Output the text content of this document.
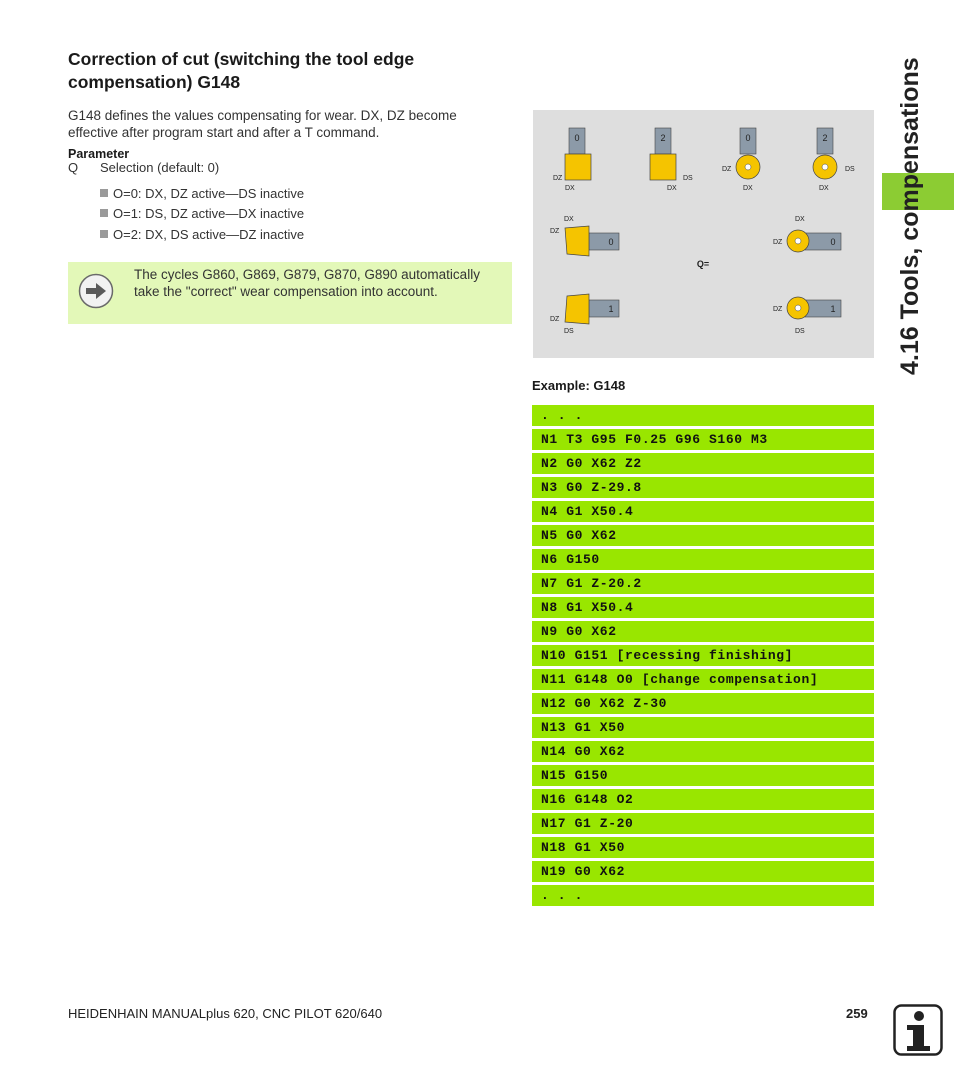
Correction of cut (switching the tool edge compensation) G148
G148 defines the values compensating for wear. DX, DZ become effective after program start and after a T command.
Parameter
Q Selection (default: 0)
O=0: DX, DZ active—DS inactive
O=1: DS, DZ active—DX inactive
O=2: DX, DS active—DZ inactive
The cycles G860, G869, G879, G870, G890 automatically take the "correct" wear compensation into account.
0
DZ
DX
2
DS
DX
0
DZ
DX
2
DS
DX
0
DX
DZ
0
DX
DZ
Q=
1
DZ
DS
1
DZ
DS
Example: G148
. . .
N1 T3 G95 F0.25 G96 S160 M3
N2 G0 X62 Z2
N3 G0 Z-29.8
N4 G1 X50.4
N5 G0 X62
N6 G150
N7 G1 Z-20.2
N8 G1 X50.4
N9 G0 X62
N10 G151 [recessing finishing]
N11 G148 O0 [change compensation]
N12 G0 X62 Z-30
N13 G1 X50
N14 G0 X62
N15 G150
N16 G148 O2
N17 G1 Z-20
N18 G1 X50
N19 G0 X62
. . .
4.16 Tools, compensations
HEIDENHAIN MANUALplus 620, CNC PILOT 620/640	259
